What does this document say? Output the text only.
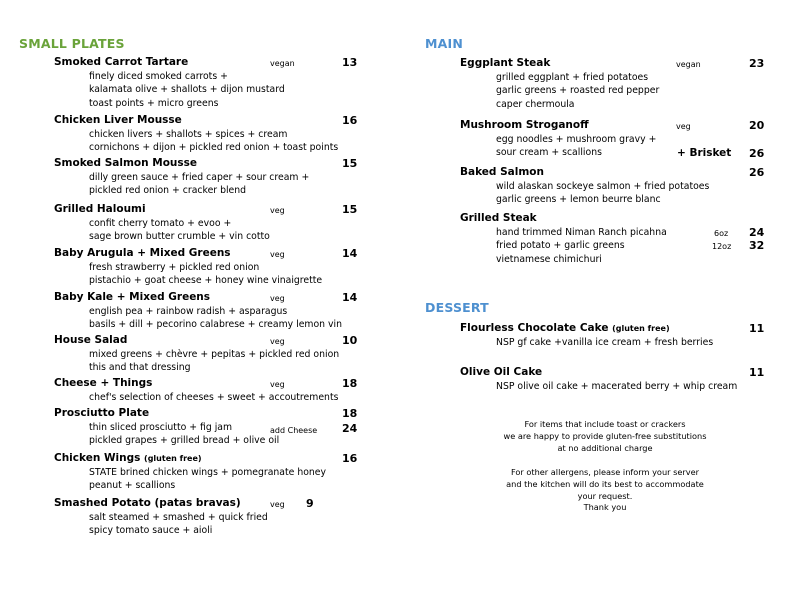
SMALL PLATES	MAIN
DESSERT
Smoked Carrot Tartare	vegan	13
finely diced smoked carrots +
kalamata olive + shallots + dijon mustard
toast points + micro greens
Chicken Liver Mousse	16
chicken livers + shallots + spices + cream
cornichons + dijon + pickled red onion + toast points
Smoked Salmon Mousse	15
dilly green sauce + fried caper + sour cream +
pickled red onion + cracker blend
Grilled Haloumi	veg	15
confit cherry tomato + evoo +
sage brown butter crumble + vin cotto
Baby Arugula + Mixed Greens	veg	14
fresh strawberry + pickled red onion
pistachio + goat cheese + honey wine vinaigrette
Baby Kale + Mixed Greens	veg	14
english pea + rainbow radish + asparagus
basils + dill + pecorino calabrese + creamy lemon vin
House Salad	veg	10
mixed greens + chèvre + pepitas + pickled red onion
this and that dressing
Cheese + Things	veg	18
chef's selection of cheeses + sweet + accoutrements
Prosciutto Plate	18
add Cheese 24
thin sliced prosciutto + fig jam
pickled grapes + grilled bread + olive oil
Chicken Wings (gluten free)	16
STATE brined chicken wings + pomegranate honey
peanut + scallions
Smashed Potato (patas bravas)	veg 9
salt steamed + smashed + quick fried
spicy tomato sauce + aioli
Eggplant Steak	vegan	23
grilled eggplant + fried potatoes
garlic greens + roasted red pepper
caper chermoula
Mushroom Stroganoff	veg	20
+ Brisket 26
egg noodles + mushroom gravy +
sour cream + scallions
Baked Salmon	26
wild alaskan sockeye salmon + fried potatoes
garlic greens + lemon beurre blanc
Grilled Steak
6oz 24
12oz 32
hand trimmed Niman Ranch picahna
fried potato + garlic greens
vietnamese chimichuri
Flourless Chocolate Cake (gluten free)	11
NSP gf cake +vanilla ice cream + fresh berries
Olive Oil Cake	11
NSP olive oil cake + macerated berry + whip cream
For items that include toast or crackers
we are happy to provide gluten-free substitutions
at no additional charge
For other allergens, please inform your server
and the kitchen will do its best to accommodate
your request.
Thank you
